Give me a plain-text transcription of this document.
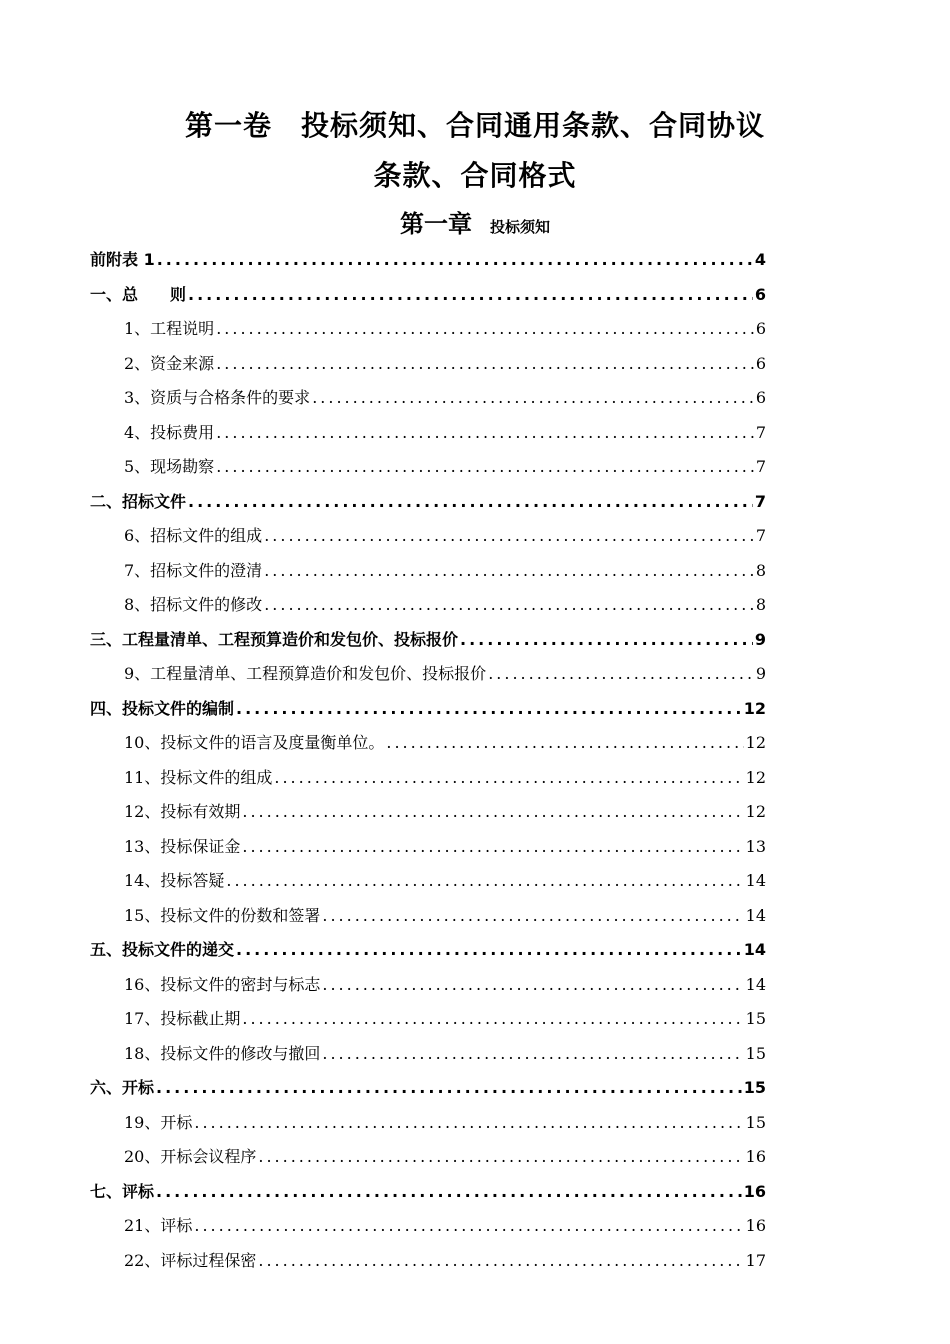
第一卷　投标须知、合同通用条款、合同协议
条款、合同格式
第一章 投标须知
前附表 1 .....	4
一、总　　则 .....	6
1、工程说明 .....	6
2、资金来源 .....	6
3、资质与合格条件的要求 .....	6
4、投标费用 .....	7
5、现场勘察 .....	7
二、招标文件 .....	7
6、招标文件的组成 .....	7
7、招标文件的澄清 .....	8
8、招标文件的修改 .....	8
三、工程量清单、工程预算造价和发包价、投标报价 .....	9
9、工程量清单、工程预算造价和发包价、投标报价 .....	9
四、投标文件的编制 .....	12
10、投标文件的语言及度量衡单位。 .....	12
11、投标文件的组成 .....	12
12、投标有效期 .....	12
13、投标保证金 .....	13
14、投标答疑 .....	14
15、投标文件的份数和签署 .....	14
五、投标文件的递交 .....	14
16、投标文件的密封与标志 .....	14
17、投标截止期 .....	15
18、投标文件的修改与撤回 .....	15
六、开标 .....	15
19、开标 .....	15
20、开标会议程序 .....	16
七、评标 .....	16
21、评标 .....	16
22、评标过程保密 .....	17
